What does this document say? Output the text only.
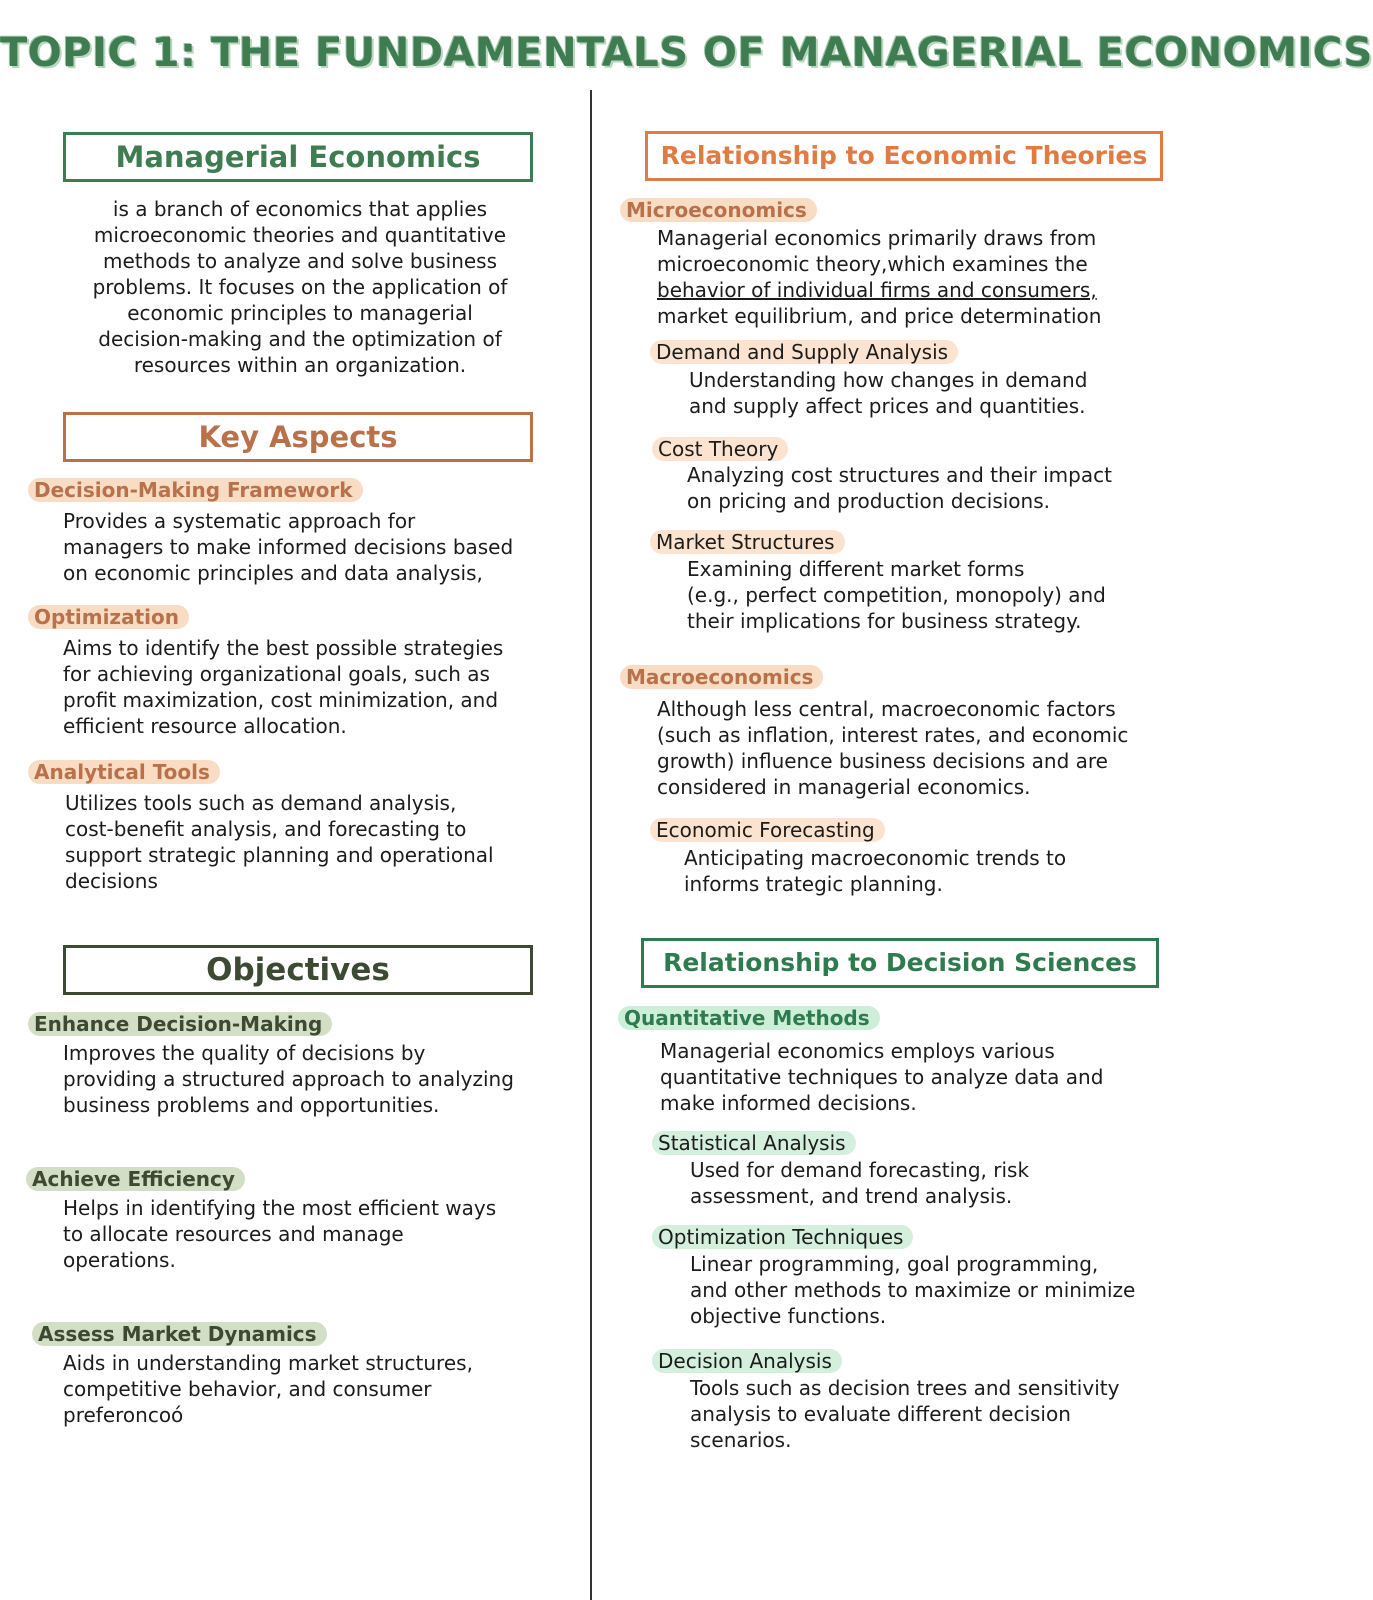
TOPIC 1: THE FUNDAMENTALS OF MANAGERIAL ECONOMICS
Managerial Economics
is a branch of economics that applies
microeconomic theories and quantitative
methods to analyze and solve business
problems. It focuses on the application of
economic principles to managerial
decision-making and the optimization of
resources within an organization.
Key Aspects
Decision-Making Framework
Provides a systematic approach for
managers to make informed decisions based
on economic principles and data analysis,
Optimization
Aims to identify the best possible strategies
for achieving organizational goals, such as
profit maximization, cost minimization, and
efficient resource allocation.
Analytical Tools
Utilizes tools such as demand analysis,
cost-benefit analysis, and forecasting to
support strategic planning and operational
decisions
Objectives
Enhance Decision-Making
Improves the quality of decisions by
providing a structured approach to analyzing
business problems and opportunities.
Achieve Efficiency
Helps in identifying the most efficient ways
to allocate resources and manage
operations.
Assess Market Dynamics
Aids in understanding market structures,
competitive behavior, and consumer
preferoncoó
Relationship to Economic Theories
Microeconomics
Managerial economics primarily draws from
microeconomic theory,which examines the
behavior of individual firms and consumers,
market equilibrium, and price determination
Demand and Supply Analysis
Understanding how changes in demand
and supply affect prices and quantities.
Cost Theory
Analyzing cost structures and their impact
on pricing and production decisions.
Market Structures
Examining different market forms
(e.g., perfect competition, monopoly) and
their implications for business strategy.
Macroeconomics
Although less central, macroeconomic factors
(such as inflation, interest rates, and economic
growth) influence business decisions and are
considered in managerial economics.
Economic Forecasting
Anticipating macroeconomic trends to
informs trategic planning.
Relationship to Decision Sciences
Quantitative Methods
Managerial economics employs various
quantitative techniques to analyze data and
make informed decisions.
Statistical Analysis
Used for demand forecasting, risk
assessment, and trend analysis.
Optimization Techniques
Linear programming, goal programming,
and other methods to maximize or minimize
objective functions.
Decision Analysis
Tools such as decision trees and sensitivity
analysis to evaluate different decision
scenarios.
